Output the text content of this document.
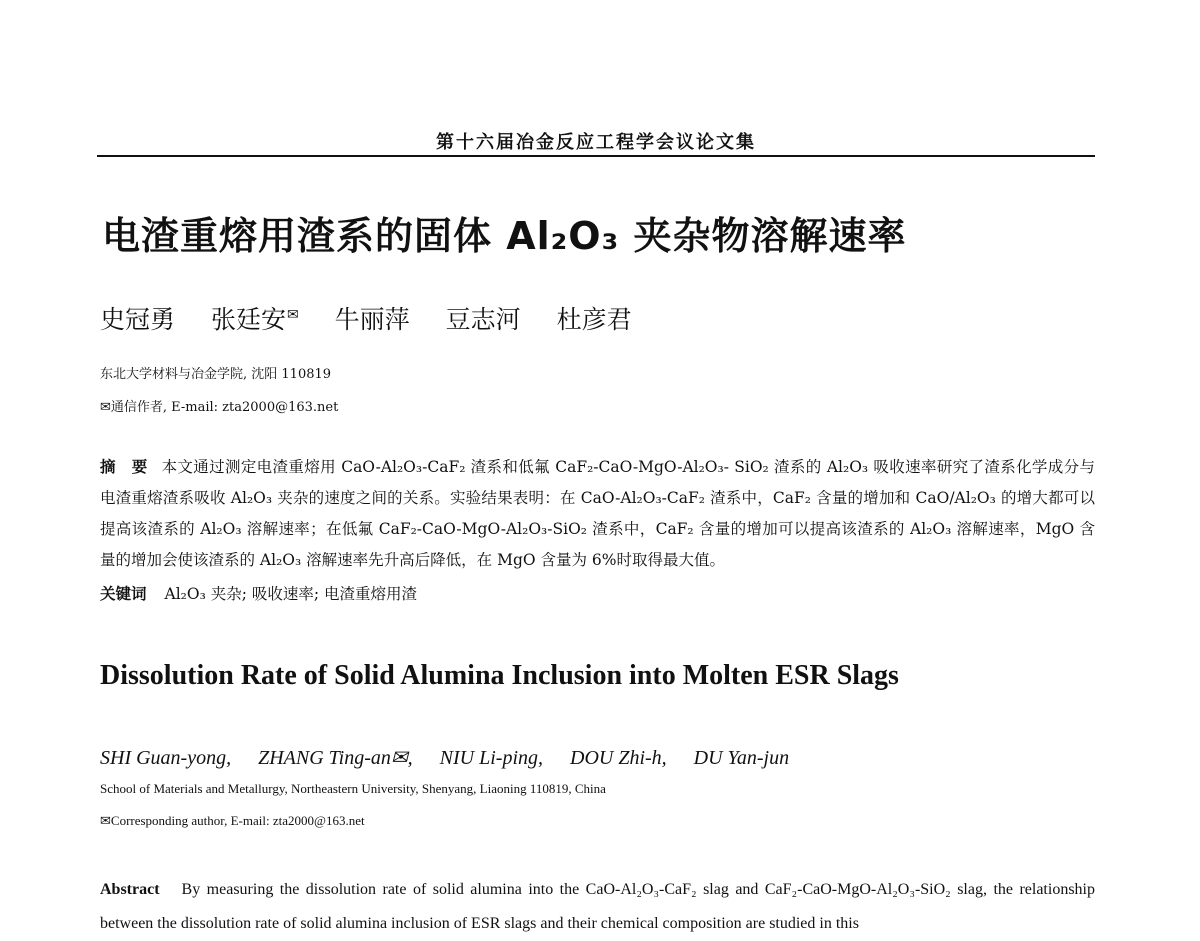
第十六届冶金反应工程学会议论文集
电渣重熔用渣系的固体 Al₂O₃ 夹杂物溶解速率
史冠勇 张廷安✉ 牛丽萍 豆志河 杜彦君
东北大学材料与冶金学院, 沈阳 110819
✉通信作者, E-mail: zta2000@163.net
摘　要 本文通过测定电渣重熔用 CaO-Al₂O₃-CaF₂ 渣系和低氟 CaF₂-CaO-MgO-Al₂O₃- SiO₂ 渣系的 Al₂O₃ 吸收速率研究了渣系化学成分与电渣重熔渣系吸收 Al₂O₃ 夹杂的速度之间的关系。实验结果表明：在 CaO-Al₂O₃-CaF₂ 渣系中，CaF₂ 含量的增加和 CaO/Al₂O₃ 的增大都可以提高该渣系的 Al₂O₃ 溶解速率；在低氟 CaF₂-CaO-MgO-Al₂O₃-SiO₂ 渣系中，CaF₂ 含量的增加可以提高该渣系的 Al₂O₃ 溶解速率，MgO 含量的增加会使该渣系的 Al₂O₃ 溶解速率先升高后降低，在 MgO 含量为 6%时取得最大值。
关键词 Al₂O₃ 夹杂; 吸收速率; 电渣重熔用渣
Dissolution Rate of Solid Alumina Inclusion into Molten ESR Slags
SHI Guan-yong, ZHANG Ting-an✉, NIU Li-ping, DOU Zhi-h, DU Yan-jun
School of Materials and Metallurgy, Northeastern University, Shenyang, Liaoning 110819, China
✉Corresponding author, E-mail: zta2000@163.net
Abstract By measuring the dissolution rate of solid alumina into the CaO-Al₂O₃-CaF₂ slag and CaF₂-CaO-MgO-Al₂O₃-SiO₂ slag, the relationship between the dissolution rate of solid alumina inclusion of ESR slags and their chemical composition are studied in this
